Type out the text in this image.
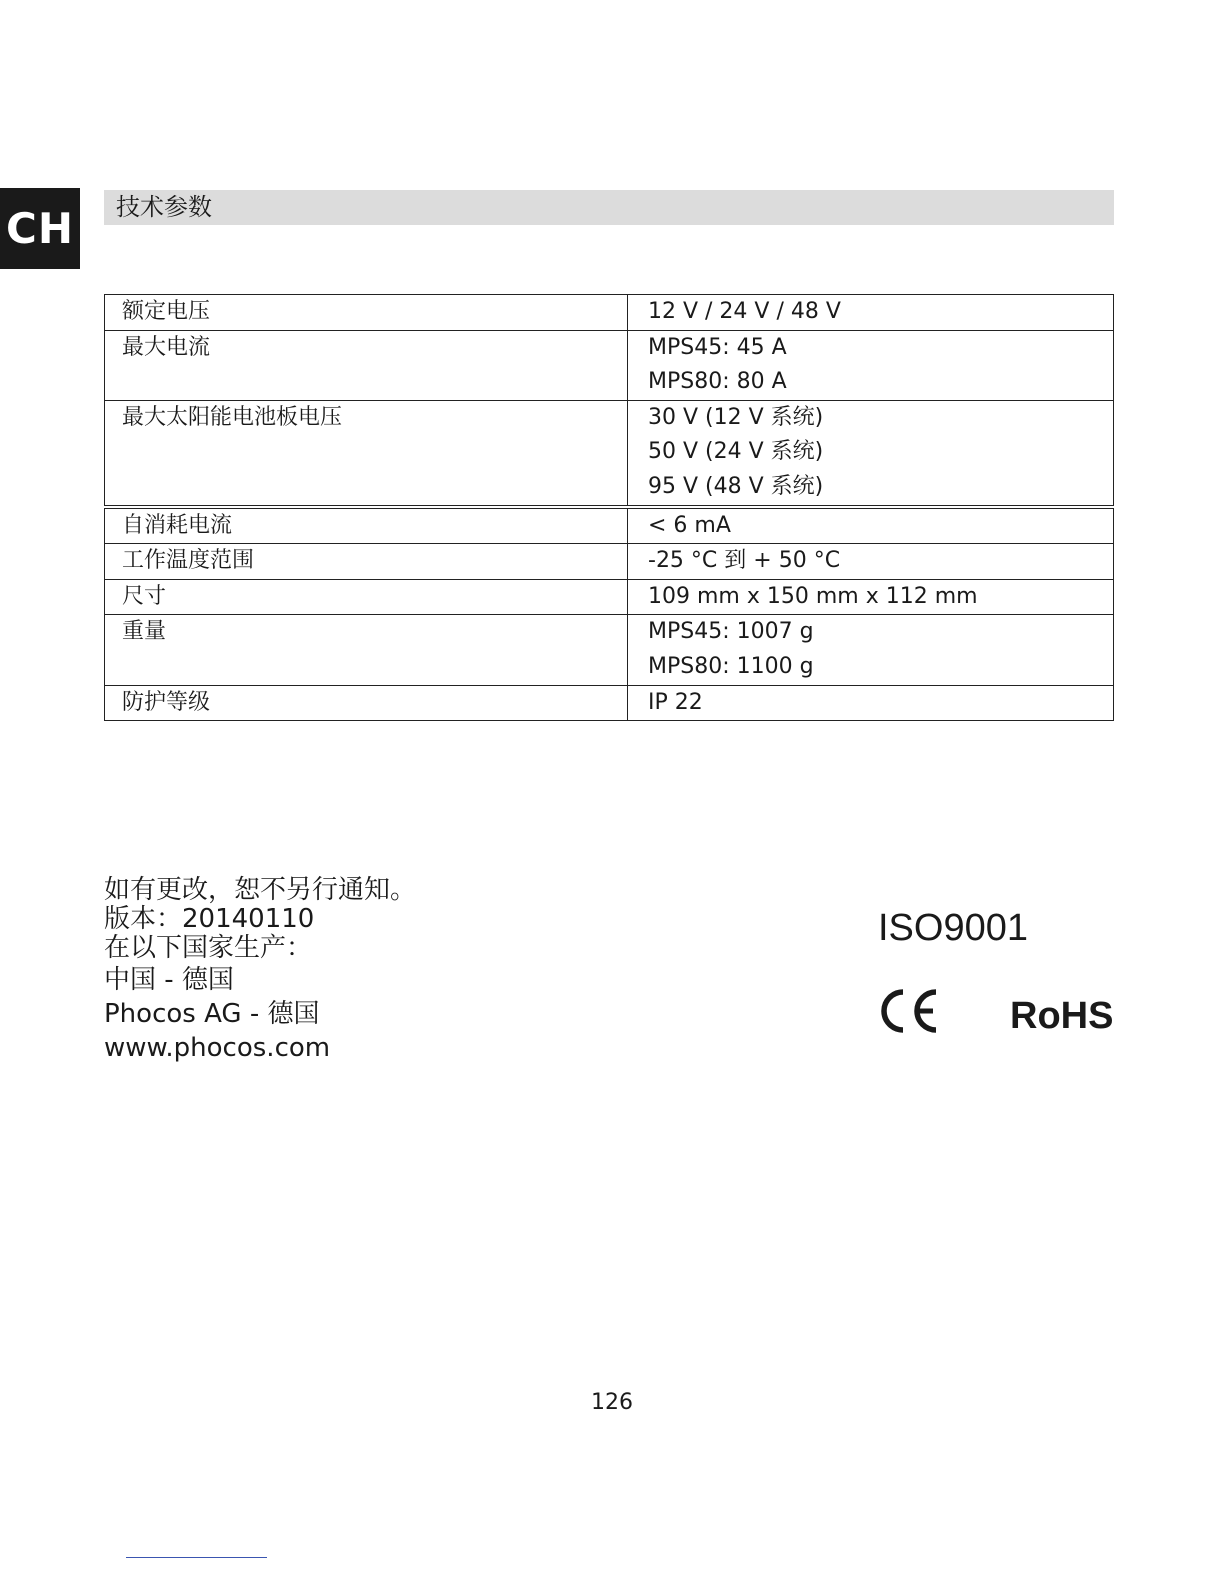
CH 技术参数
额定电压	12 V / 24 V / 48 V

最大电流	MPS45: 45 A
MPS80: 80 A

最大太阳能电池板电压	30 V (12 V 系统)
50 V (24 V 系统)
95 V (48 V 系统)

自消耗电流	< 6 mA

工作温度范围	-25 °C 到 + 50 °C

尺寸	109 mm x 150 mm x 112 mm

重量	MPS45: 1007 g
MPS80: 1100 g

防护等级	IP 22
如有更改，恕不另行通知。
版本：20140110
在以下国家生产：
中国 - 德国
Phocos AG - 德国
www.phocos.com
ISO9001
RoHS
126
